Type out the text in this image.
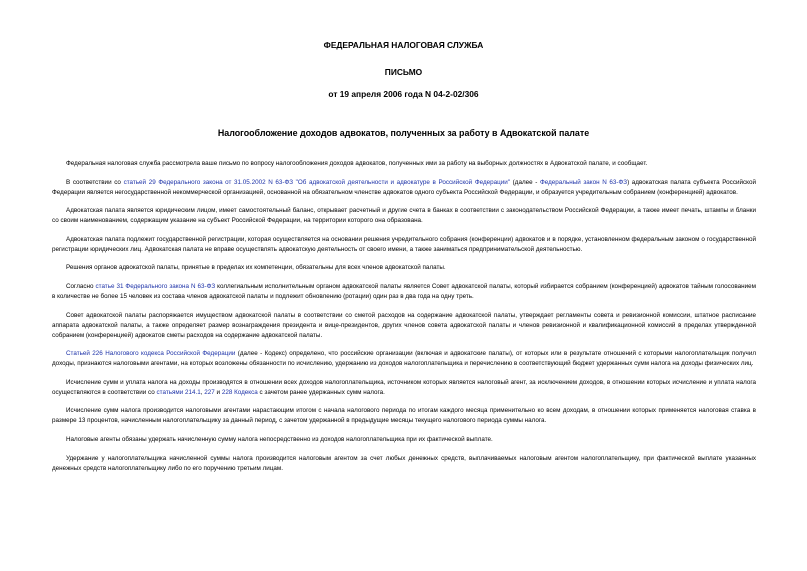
ФЕДЕРАЛЬНАЯ НАЛОГОВАЯ СЛУЖБА
ПИСЬМО
от 19 апреля 2006 года N 04-2-02/306
Налогообложение доходов адвокатов, полученных за работу в Адвокатской палате

Федеральная налоговая служба рассмотрела ваше письмо по вопросу налогообложения доходов адвокатов, полученных ими за работу на выборных должностях в Адвокатской палате, и сообщает.

В соответствии со статьей 29 Федерального закона от 31.05.2002 N 63-ФЗ "Об адвокатской деятельности и адвокатуре в Российской Федерации" (далее - Федеральный закон N 63-ФЗ) адвокатская палата субъекта Российской Федерации является негосударственной некоммерческой организацией, основанной на обязательном членстве адвокатов одного субъекта Российской Федерации, и образуется учредительным собранием (конференцией) адвокатов.

Адвокатская палата является юридическим лицом, имеет самостоятельный баланс, открывает расчетный и другие счета в банках в соответствии с законодательством Российской Федерации, а также имеет печать, штампы и бланки со своим наименованием, содержащим указание на субъект Российской Федерации, на территории которого она образована.

Адвокатская палата подлежит государственной регистрации, которая осуществляется на основании решения учредительного собрания (конференции) адвокатов и в порядке, установленном федеральным законом о государственной регистрации юридических лиц. Адвокатская палата не вправе осуществлять адвокатскую деятельность от своего имени, а также заниматься предпринимательской деятельностью.

Решения органов адвокатской палаты, принятые в пределах их компетенции, обязательны для всех членов адвокатской палаты.

Согласно статье 31 Федерального закона N 63-ФЗ коллегиальным исполнительным органом адвокатской палаты является Совет адвокатской палаты, который избирается собранием (конференцией) адвокатов тайным голосованием в количестве не более 15 человек из состава членов адвокатской палаты и подлежит обновлению (ротации) один раз в два года на одну треть.

Совет адвокатской палаты распоряжается имуществом адвокатской палаты в соответствии со сметой расходов на содержание адвокатской палаты, утверждает регламенты совета и ревизионной комиссии, штатное расписание аппарата адвокатской палаты, а также определяет размер вознаграждения президента и вице-президентов, других членов совета адвокатской палаты и членов ревизионной и квалификационной комиссий в пределах утвержденной собранием (конференцией) адвокатов сметы расходов на содержание адвокатской палаты.

Статьей 226 Налогового кодекса Российской Федерации (далее - Кодекс) определено, что российские организации (включая и адвокатские палаты), от которых или в результате отношений с которыми налогоплательщик получил доходы, признаются налоговыми агентами, на которых возложены обязанности по исчислению, удержанию из доходов налогоплательщика и перечислению в соответствующий бюджет удержанных сумм налога на доходы физических лиц.

Исчисление сумм и уплата налога на доходы производятся в отношении всех доходов налогоплательщика, источником которых является налоговый агент, за исключением доходов, в отношении которых исчисление и уплата налога осуществляются в соответствии со статьями 214.1, 227 и 228 Кодекса с зачетом ранее удержанных сумм налога.

Исчисление сумм налога производится налоговыми агентами нарастающим итогом с начала налогового периода по итогам каждого месяца применительно ко всем доходам, в отношении которых применяется налоговая ставка в размере 13 процентов, начисленным налогоплательщику за данный период, с зачетом удержанной в предыдущие месяцы текущего налогового периода суммы налога.

Налоговые агенты обязаны удержать начисленную сумму налога непосредственно из доходов налогоплательщика при их фактической выплате.

Удержание у налогоплательщика начисленной суммы налога производится налоговым агентом за счет любых денежных средств, выплачиваемых налоговым агентом налогоплательщику, при фактической выплате указанных денежных средств налогоплательщику либо по его поручению третьим лицам.
